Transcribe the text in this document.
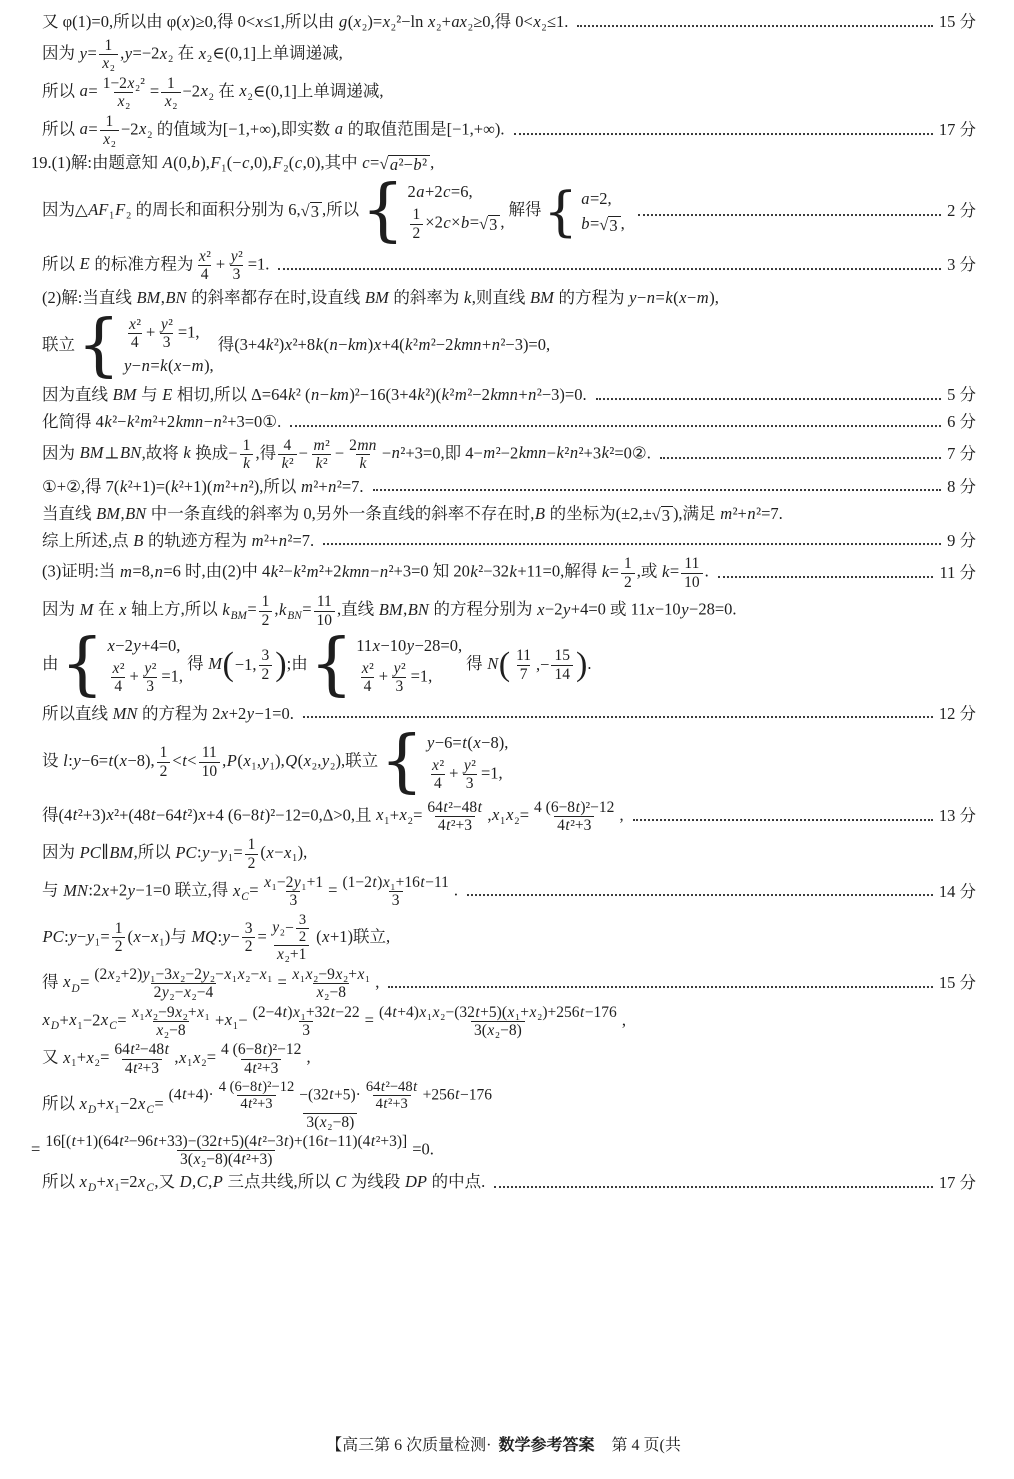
又 φ(1)=0,所以由 φ(x)≥0,得 0<x≤1,所以由 g(x₂)=x₂²−ln x₂+ax₂≥0,得 0<x₂≤1.	15 分
因为 $y= \frac{1}{\text{x₂}} ,y=-2x_2$ 在 x₂∈(0,1]上单调递减,
所以 $a= \frac{\text{1−2x₂²}}{\text{x₂}} = \frac{1}{\text{x₂}} -2x_2$ 在 x₂∈(0,1]上单调递减,
所以 $a= \frac{1}{\text{x₂}} -2x_2$ 的值域为[−1,+∞),即实数 a 的取值范围是[−1,+∞).	17 分
19.(1)解:由题意知 A(0,b),F₁(−c,0),F₂(c,0),其中 c= √ a²−b² ,
因为△AF₁F₂ 的周长和面积分别为 6, √ 3 ,所以 { 2a+2c=6,
$\frac{1}{2} \times 2c\times b=$ √ 3 ,
解得 { a=2,
b= √ 3 ,
2 分
所以 E 的标准方程为 $\frac{\text{x²}}{4} + \frac{\text{y²}}{3} =1$.	3 分
(2)解:当直线 BM,BN 的斜率都存在时,设直线 BM 的斜率为 k,则直线 BM 的方程为 y−n=k(x−m),
联立 { $\frac{\text{x²}}{4} + \frac{\text{y²}}{3} =1$,
y−n=k(x−m),
得(3+4k²)x²+8k(n−km)x+4(k²m²−2kmn+n²−3)=0,
因为直线 BM 与 E 相切,所以 Δ=64k² (n−km)²−16(3+4k²)(k²m²−2kmn+n²−3)=0.	5 分
化简得 4k²−k²m²+2kmn−n²+3=0①.	6 分
因为 BM⊥BN,故将 k 换成− $\frac{1}{k}$ ,得 $\frac{4}{\text{k²}} - \frac{\text{m²}}{\text{k²}} - \frac{2mn}{k} -n^2+3=0$,即 4−m²−2kmn−k²n²+3k²=0②.	7 分
①+②,得 7(k²+1)=(k²+1)(m²+n²),所以 m²+n²=7.	8 分
当直线 BM,BN 中一条直线的斜率为 0,另外一条直线的斜率不存在时,B 的坐标为(±2,± √ 3 ),满足 m²+n²=7.
综上所述,点 B 的轨迹方程为 m²+n²=7.	9 分
(3)证明:当 m=8,n=6 时,由(2)中 4k²−k²m²+2kmn−n²+3=0 知 20k²−32k+11=0,解得 $k= \frac{1}{2}$ ,或 $k= \frac{11}{10}$ .	11 分
因为 M 在 x 轴上方,所以 $k_{BM}= \frac{1}{2} ,k_{BN}= \frac{11}{10}$ ,直线 BM,BN 的方程分别为 x−2y+4=0 或 11x−10y−28=0.
由 { x−2y+4=0,
$\frac{\text{x²}}{4} + \frac{\text{y²}}{3} =1$,
得 M ( −1, $\frac{3}{2}$ ) ;由 { 11x−10y−28=0,
$\frac{\text{x²}}{4} + \frac{\text{y²}}{3} =1$,
得 N ( $\frac{11}{7}$ ,− $\frac{15}{14}$ ) .
所以直线 MN 的方程为 2x+2y−1=0.	12 分
设 l:y−6=t(x−8), $\frac{1}{2} <t< \frac{11}{10} ,P(x_1,y_1),Q(x_2,y_2)$,联立 { y−6=t(x−8),
$\frac{\text{x²}}{4} + \frac{\text{y²}}{3} =1$,
得(4t²+3)x²+(48t−64t²)x+4 (6−8t)²−12=0,Δ>0,且 $x_1+x_2= \frac{\text{64t²−48t}}{\text{4t²+3}} ,x_1x_2= \frac{\text{4 (6−8t)²−12}}{\text{4t²+3}}$ ,	13 分
因为 PC∥BM,所以 PC:y−y₁= $\frac{1}{2} (x-x_1)$,
与 MN:2x+2y−1=0 联立,得 $x_C= \frac{\text{x₁−2y₁+1}}{3} = \frac{\text{(1−2t)x₁+16t−11}}{3}$ .	14 分
PC:y−y₁= $\frac{1}{2} (x-x_1)$与 MQ:y− $\frac{3}{2} = \frac{y_2- \frac{3}{2}}{\text{x₂+1}} (x+1)$联立,
得 $x_D= \frac{\text{(2x₂+2)y₁−3x₂−2y₂−x₁x₂−x₁}}{\text{2y₂−x₂−4}} = \frac{\text{x₁x₂−9x₂+x₁}}{\text{x₂−8}}$ ,	15 分
$x_D+x_1-2x_C= \frac{\text{x₁x₂−9x₂+x₁}}{\text{x₂−8}} +x_1- \frac{\text{(2−4t)x₁+32t−22}}{3} = \frac{\text{(4t+4)x₁x₂−(32t+5)(x₁+x₂)+256t−176}}{\text{3(x₂−8)}}$ ,
又 $x_1+x_2= \frac{\text{64t²−48t}}{\text{4t²+3}} ,x_1x_2= \frac{\text{4 (6−8t)²−12}}{\text{4t²+3}}$ ,
所以 $x_D+x_1-2x_C= \frac{(4t+4)\cdot \frac{\text{4 (6−8t)²−12}}{\text{4t²+3}} -(32t+5)\cdot \frac{\text{64t²−48t}}{\text{4t²+3}} +256t-176}{\text{3(x₂−8)}}$
= $\frac{\text{16[(t+1)(64t²−96t+33)−(32t+5)(4t²−3t)+(16t−11)(4t²+3)]}}{\text{3(x₂−8)(4t²+3)}} =0$.
所以 $x_D+x_1=2x_C$,又 D,C,P 三点共线,所以 C 为线段 DP 的中点.	17 分
【高三第 6 次质量检测· 数学参考答案 第 4 页(共
